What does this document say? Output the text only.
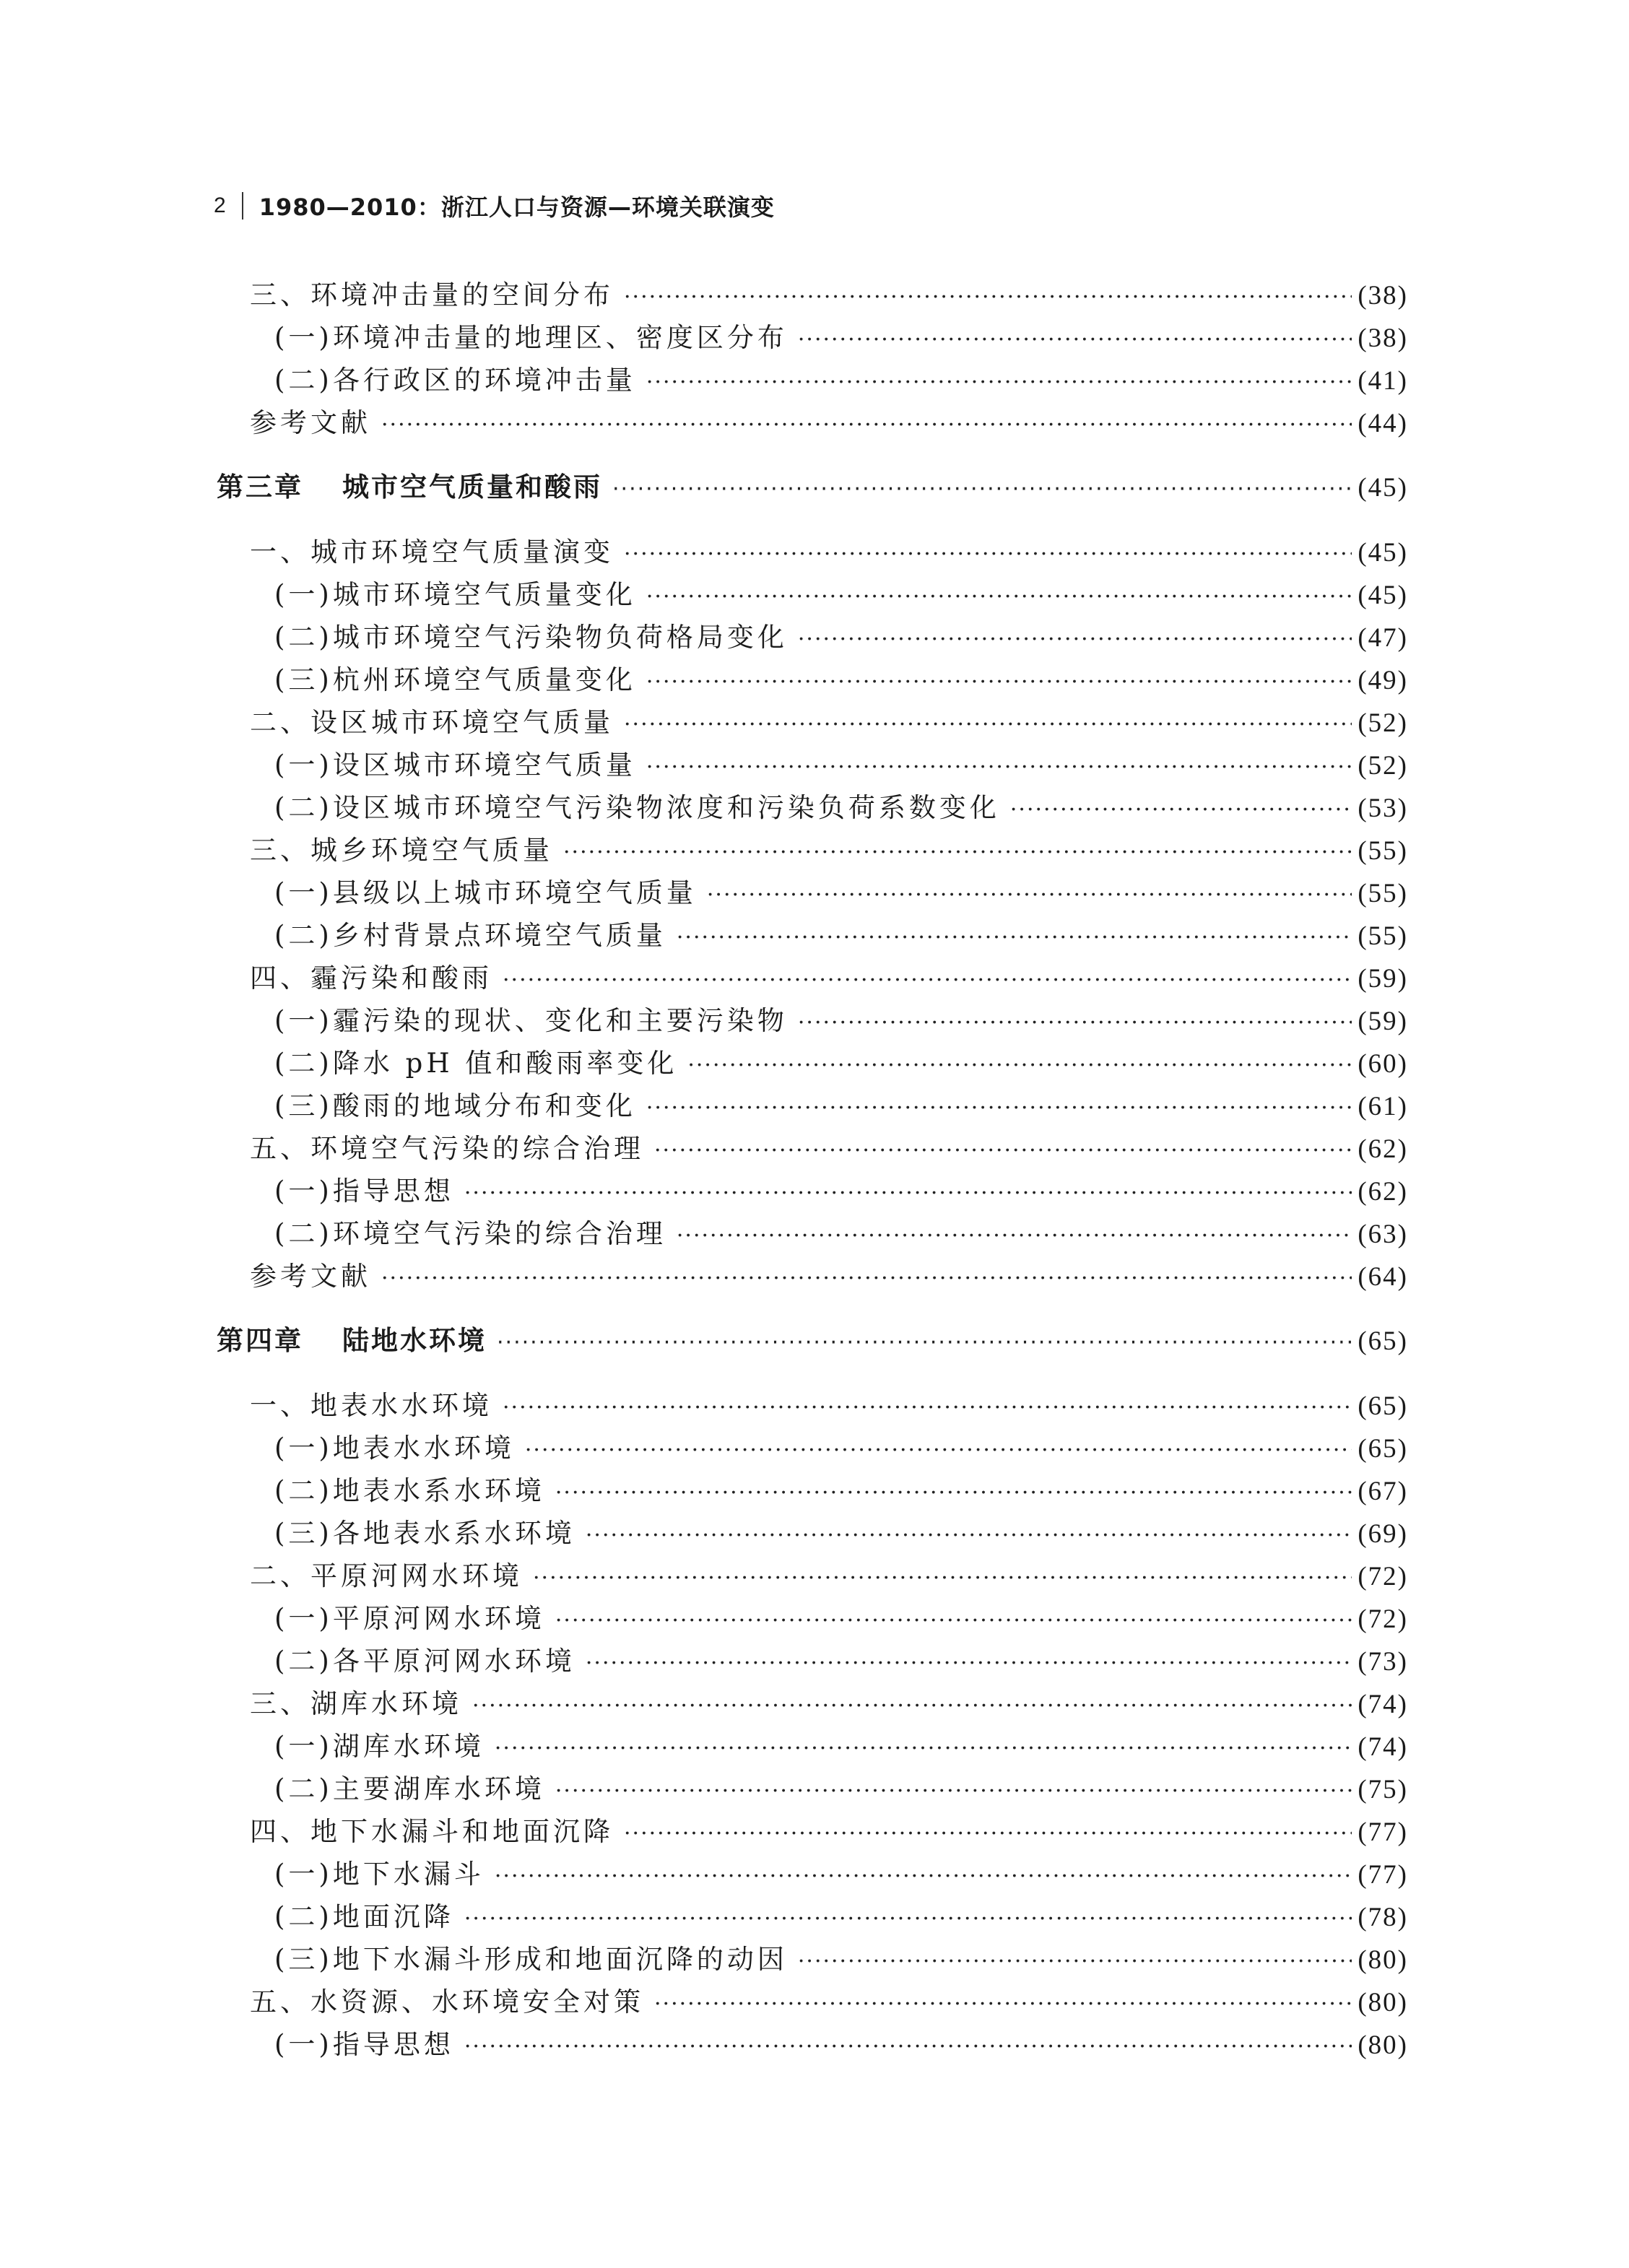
2 1980—2010：浙江人口与资源—环境关联演变
三、环境冲击量的空间分布 ·····	(38)
(一)环境冲击量的地理区、密度区分布 ·····	(38)
(二)各行政区的环境冲击量 ·····	(41)
参考文献 ·····	(44)
第三章 城市空气质量和酸雨 ·····	(45)
一、城市环境空气质量演变 ·····	(45)
(一)城市环境空气质量变化 ·····	(45)
(二)城市环境空气污染物负荷格局变化 ·····	(47)
(三)杭州环境空气质量变化 ·····	(49)
二、设区城市环境空气质量 ·····	(52)
(一)设区城市环境空气质量 ·····	(52)
(二)设区城市环境空气污染物浓度和污染负荷系数变化 ·····	(53)
三、城乡环境空气质量 ·····	(55)
(一)县级以上城市环境空气质量 ·····	(55)
(二)乡村背景点环境空气质量 ·····	(55)
四、霾污染和酸雨 ·····	(59)
(一)霾污染的现状、变化和主要污染物 ·····	(59)
(二)降水 pH 值和酸雨率变化 ·····	(60)
(三)酸雨的地域分布和变化 ·····	(61)
五、环境空气污染的综合治理 ·····	(62)
(一)指导思想 ·····	(62)
(二)环境空气污染的综合治理 ·····	(63)
参考文献 ·····	(64)
第四章 陆地水环境 ·····	(65)
一、地表水水环境 ·····	(65)
(一)地表水水环境 ·····	(65)
(二)地表水系水环境 ·····	(67)
(三)各地表水系水环境 ·····	(69)
二、平原河网水环境 ·····	(72)
(一)平原河网水环境 ·····	(72)
(二)各平原河网水环境 ·····	(73)
三、湖库水环境 ·····	(74)
(一)湖库水环境 ·····	(74)
(二)主要湖库水环境 ·····	(75)
四、地下水漏斗和地面沉降 ·····	(77)
(一)地下水漏斗 ·····	(77)
(二)地面沉降 ·····	(78)
(三)地下水漏斗形成和地面沉降的动因 ·····	(80)
五、水资源、水环境安全对策 ·····	(80)
(一)指导思想 ·····	(80)
